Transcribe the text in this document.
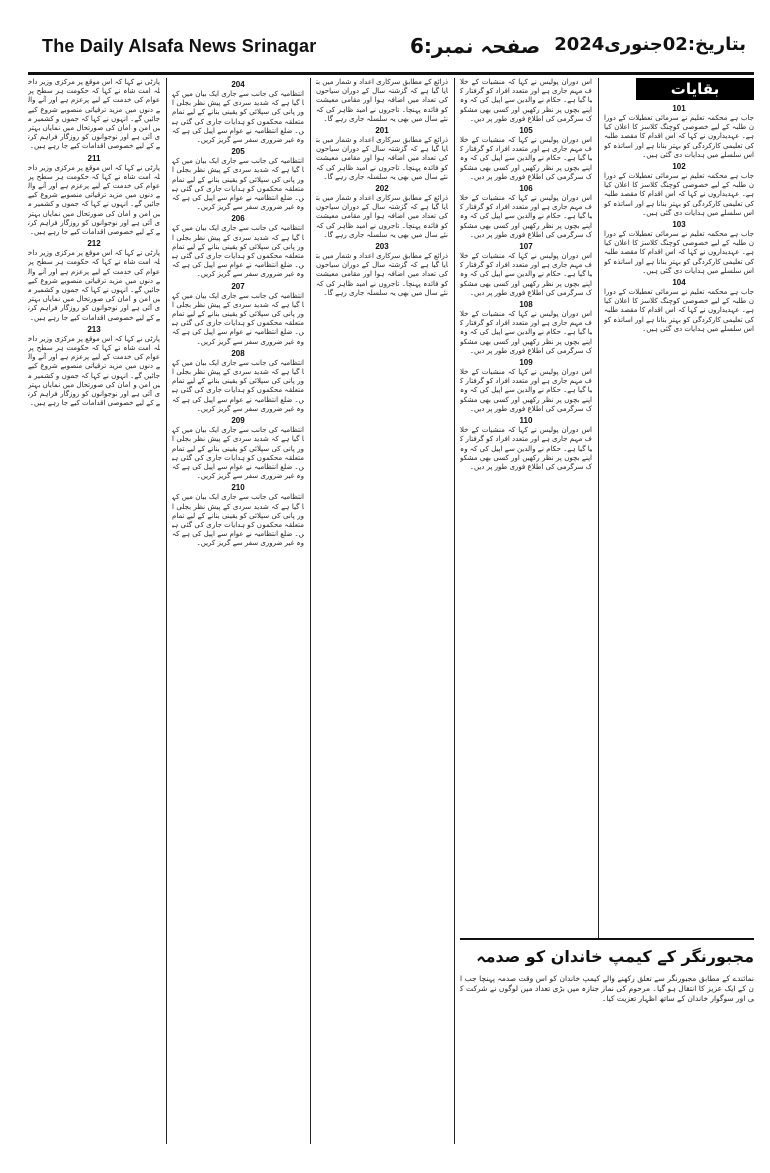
The Daily Alsafa News Srinagar	صفحہ نمبر:6 بتاریخ:02جنوری2024
پارٹی نے کہا کہ اس موقع پر مرکزی وزیر داخلہ امت شاہ نے کہا کہ حکومت ہر سطح پر عوام کی خدمت کے لیے پرعزم ہے اور آنے والے دنوں میں مزید ترقیاتی منصوبے شروع کیے جائیں گے۔ انہوں نے کہا کہ جموں و کشمیر میں امن و امان کی صورتحال میں نمایاں بہتری آئی ہے اور نوجوانوں کو روزگار فراہم کرنے کے لیے خصوصی اقدامات کیے جا رہے ہیں۔
211
پارٹی نے کہا کہ اس موقع پر مرکزی وزیر داخلہ امت شاہ نے کہا کہ حکومت ہر سطح پر عوام کی خدمت کے لیے پرعزم ہے اور آنے والے دنوں میں مزید ترقیاتی منصوبے شروع کیے جائیں گے۔ انہوں نے کہا کہ جموں و کشمیر میں امن و امان کی صورتحال میں نمایاں بہتری آئی ہے اور نوجوانوں کو روزگار فراہم کرنے کے لیے خصوصی اقدامات کیے جا رہے ہیں۔
212
پارٹی نے کہا کہ اس موقع پر مرکزی وزیر داخلہ امت شاہ نے کہا کہ حکومت ہر سطح پر عوام کی خدمت کے لیے پرعزم ہے اور آنے والے دنوں میں مزید ترقیاتی منصوبے شروع کیے جائیں گے۔ انہوں نے کہا کہ جموں و کشمیر میں امن و امان کی صورتحال میں نمایاں بہتری آئی ہے اور نوجوانوں کو روزگار فراہم کرنے کے لیے خصوصی اقدامات کیے جا رہے ہیں۔
213
پارٹی نے کہا کہ اس موقع پر مرکزی وزیر داخلہ امت شاہ نے کہا کہ حکومت ہر سطح پر عوام کی خدمت کے لیے پرعزم ہے اور آنے والے دنوں میں مزید ترقیاتی منصوبے شروع کیے جائیں گے۔ انہوں نے کہا کہ جموں و کشمیر میں امن و امان کی صورتحال میں نمایاں بہتری آئی ہے اور نوجوانوں کو روزگار فراہم کرنے کے لیے خصوصی اقدامات کیے جا رہے ہیں۔
204
انتظامیہ کی جانب سے جاری ایک بیان میں کہا گیا ہے کہ شدید سردی کے پیش نظر بجلی اور پانی کی سپلائی کو یقینی بنانے کے لیے تمام متعلقہ محکموں کو ہدایات جاری کی گئی ہیں۔ ضلع انتظامیہ نے عوام سے اپیل کی ہے کہ وہ غیر ضروری سفر سے گریز کریں۔
205
انتظامیہ کی جانب سے جاری ایک بیان میں کہا گیا ہے کہ شدید سردی کے پیش نظر بجلی اور پانی کی سپلائی کو یقینی بنانے کے لیے تمام متعلقہ محکموں کو ہدایات جاری کی گئی ہیں۔ ضلع انتظامیہ نے عوام سے اپیل کی ہے کہ وہ غیر ضروری سفر سے گریز کریں۔
206
انتظامیہ کی جانب سے جاری ایک بیان میں کہا گیا ہے کہ شدید سردی کے پیش نظر بجلی اور پانی کی سپلائی کو یقینی بنانے کے لیے تمام متعلقہ محکموں کو ہدایات جاری کی گئی ہیں۔ ضلع انتظامیہ نے عوام سے اپیل کی ہے کہ وہ غیر ضروری سفر سے گریز کریں۔
207
انتظامیہ کی جانب سے جاری ایک بیان میں کہا گیا ہے کہ شدید سردی کے پیش نظر بجلی اور پانی کی سپلائی کو یقینی بنانے کے لیے تمام متعلقہ محکموں کو ہدایات جاری کی گئی ہیں۔ ضلع انتظامیہ نے عوام سے اپیل کی ہے کہ وہ غیر ضروری سفر سے گریز کریں۔
208
انتظامیہ کی جانب سے جاری ایک بیان میں کہا گیا ہے کہ شدید سردی کے پیش نظر بجلی اور پانی کی سپلائی کو یقینی بنانے کے لیے تمام متعلقہ محکموں کو ہدایات جاری کی گئی ہیں۔ ضلع انتظامیہ نے عوام سے اپیل کی ہے کہ وہ غیر ضروری سفر سے گریز کریں۔
209
انتظامیہ کی جانب سے جاری ایک بیان میں کہا گیا ہے کہ شدید سردی کے پیش نظر بجلی اور پانی کی سپلائی کو یقینی بنانے کے لیے تمام متعلقہ محکموں کو ہدایات جاری کی گئی ہیں۔ ضلع انتظامیہ نے عوام سے اپیل کی ہے کہ وہ غیر ضروری سفر سے گریز کریں۔
210
انتظامیہ کی جانب سے جاری ایک بیان میں کہا گیا ہے کہ شدید سردی کے پیش نظر بجلی اور پانی کی سپلائی کو یقینی بنانے کے لیے تمام متعلقہ محکموں کو ہدایات جاری کی گئی ہیں۔ ضلع انتظامیہ نے عوام سے اپیل کی ہے کہ وہ غیر ضروری سفر سے گریز کریں۔
ذرائع کے مطابق سرکاری اعداد و شمار میں بتایا گیا ہے کہ گزشتہ سال کے دوران سیاحوں کی تعداد میں اضافہ ہوا اور مقامی معیشت کو فائدہ پہنچا۔ تاجروں نے امید ظاہر کی کہ نئے سال میں بھی یہ سلسلہ جاری رہے گا۔
201
ذرائع کے مطابق سرکاری اعداد و شمار میں بتایا گیا ہے کہ گزشتہ سال کے دوران سیاحوں کی تعداد میں اضافہ ہوا اور مقامی معیشت کو فائدہ پہنچا۔ تاجروں نے امید ظاہر کی کہ نئے سال میں بھی یہ سلسلہ جاری رہے گا۔
202
ذرائع کے مطابق سرکاری اعداد و شمار میں بتایا گیا ہے کہ گزشتہ سال کے دوران سیاحوں کی تعداد میں اضافہ ہوا اور مقامی معیشت کو فائدہ پہنچا۔ تاجروں نے امید ظاہر کی کہ نئے سال میں بھی یہ سلسلہ جاری رہے گا۔
203
ذرائع کے مطابق سرکاری اعداد و شمار میں بتایا گیا ہے کہ گزشتہ سال کے دوران سیاحوں کی تعداد میں اضافہ ہوا اور مقامی معیشت کو فائدہ پہنچا۔ تاجروں نے امید ظاہر کی کہ نئے سال میں بھی یہ سلسلہ جاری رہے گا۔
اس دوران پولیس نے کہا کہ منشیات کے خلاف مہم جاری ہے اور متعدد افراد کو گرفتار کیا گیا ہے۔ حکام نے والدین سے اپیل کی کہ وہ اپنے بچوں پر نظر رکھیں اور کسی بھی مشکوک سرگرمی کی اطلاع فوری طور پر دیں۔
105
اس دوران پولیس نے کہا کہ منشیات کے خلاف مہم جاری ہے اور متعدد افراد کو گرفتار کیا گیا ہے۔ حکام نے والدین سے اپیل کی کہ وہ اپنے بچوں پر نظر رکھیں اور کسی بھی مشکوک سرگرمی کی اطلاع فوری طور پر دیں۔
106
اس دوران پولیس نے کہا کہ منشیات کے خلاف مہم جاری ہے اور متعدد افراد کو گرفتار کیا گیا ہے۔ حکام نے والدین سے اپیل کی کہ وہ اپنے بچوں پر نظر رکھیں اور کسی بھی مشکوک سرگرمی کی اطلاع فوری طور پر دیں۔
107
اس دوران پولیس نے کہا کہ منشیات کے خلاف مہم جاری ہے اور متعدد افراد کو گرفتار کیا گیا ہے۔ حکام نے والدین سے اپیل کی کہ وہ اپنے بچوں پر نظر رکھیں اور کسی بھی مشکوک سرگرمی کی اطلاع فوری طور پر دیں۔
108
اس دوران پولیس نے کہا کہ منشیات کے خلاف مہم جاری ہے اور متعدد افراد کو گرفتار کیا گیا ہے۔ حکام نے والدین سے اپیل کی کہ وہ اپنے بچوں پر نظر رکھیں اور کسی بھی مشکوک سرگرمی کی اطلاع فوری طور پر دیں۔
109
اس دوران پولیس نے کہا کہ منشیات کے خلاف مہم جاری ہے اور متعدد افراد کو گرفتار کیا گیا ہے۔ حکام نے والدین سے اپیل کی کہ وہ اپنے بچوں پر نظر رکھیں اور کسی بھی مشکوک سرگرمی کی اطلاع فوری طور پر دیں۔
110
اس دوران پولیس نے کہا کہ منشیات کے خلاف مہم جاری ہے اور متعدد افراد کو گرفتار کیا گیا ہے۔ حکام نے والدین سے اپیل کی کہ وہ اپنے بچوں پر نظر رکھیں اور کسی بھی مشکوک سرگرمی کی اطلاع فوری طور پر دیں۔
بقایات
101
جاب ہے محکمہ تعلیم نے سرمائی تعطیلات کے دوران طلبہ کے لیے خصوصی کوچنگ کلاسز کا اعلان کیا ہے۔ عہدیداروں نے کہا کہ اس اقدام کا مقصد طلبہ کی تعلیمی کارکردگی کو بہتر بنانا ہے اور اساتذہ کو اس سلسلے میں ہدایات دی گئی ہیں۔
102
جاب ہے محکمہ تعلیم نے سرمائی تعطیلات کے دوران طلبہ کے لیے خصوصی کوچنگ کلاسز کا اعلان کیا ہے۔ عہدیداروں نے کہا کہ اس اقدام کا مقصد طلبہ کی تعلیمی کارکردگی کو بہتر بنانا ہے اور اساتذہ کو اس سلسلے میں ہدایات دی گئی ہیں۔
103
جاب ہے محکمہ تعلیم نے سرمائی تعطیلات کے دوران طلبہ کے لیے خصوصی کوچنگ کلاسز کا اعلان کیا ہے۔ عہدیداروں نے کہا کہ اس اقدام کا مقصد طلبہ کی تعلیمی کارکردگی کو بہتر بنانا ہے اور اساتذہ کو اس سلسلے میں ہدایات دی گئی ہیں۔
104
جاب ہے محکمہ تعلیم نے سرمائی تعطیلات کے دوران طلبہ کے لیے خصوصی کوچنگ کلاسز کا اعلان کیا ہے۔ عہدیداروں نے کہا کہ اس اقدام کا مقصد طلبہ کی تعلیمی کارکردگی کو بہتر بنانا ہے اور اساتذہ کو اس سلسلے میں ہدایات دی گئی ہیں۔
مجبورنگر کے کیمپ خاندان کو صدمہ
نمائندے کے مطابق مجبورنگر سے تعلق رکھنے والے کیمپ خاندان کو اس وقت صدمہ پہنچا جب ان کے ایک عزیز کا انتقال ہو گیا۔ مرحوم کی نماز جنازہ میں بڑی تعداد میں لوگوں نے شرکت کی اور سوگوار خاندان کے ساتھ اظہار تعزیت کیا۔
